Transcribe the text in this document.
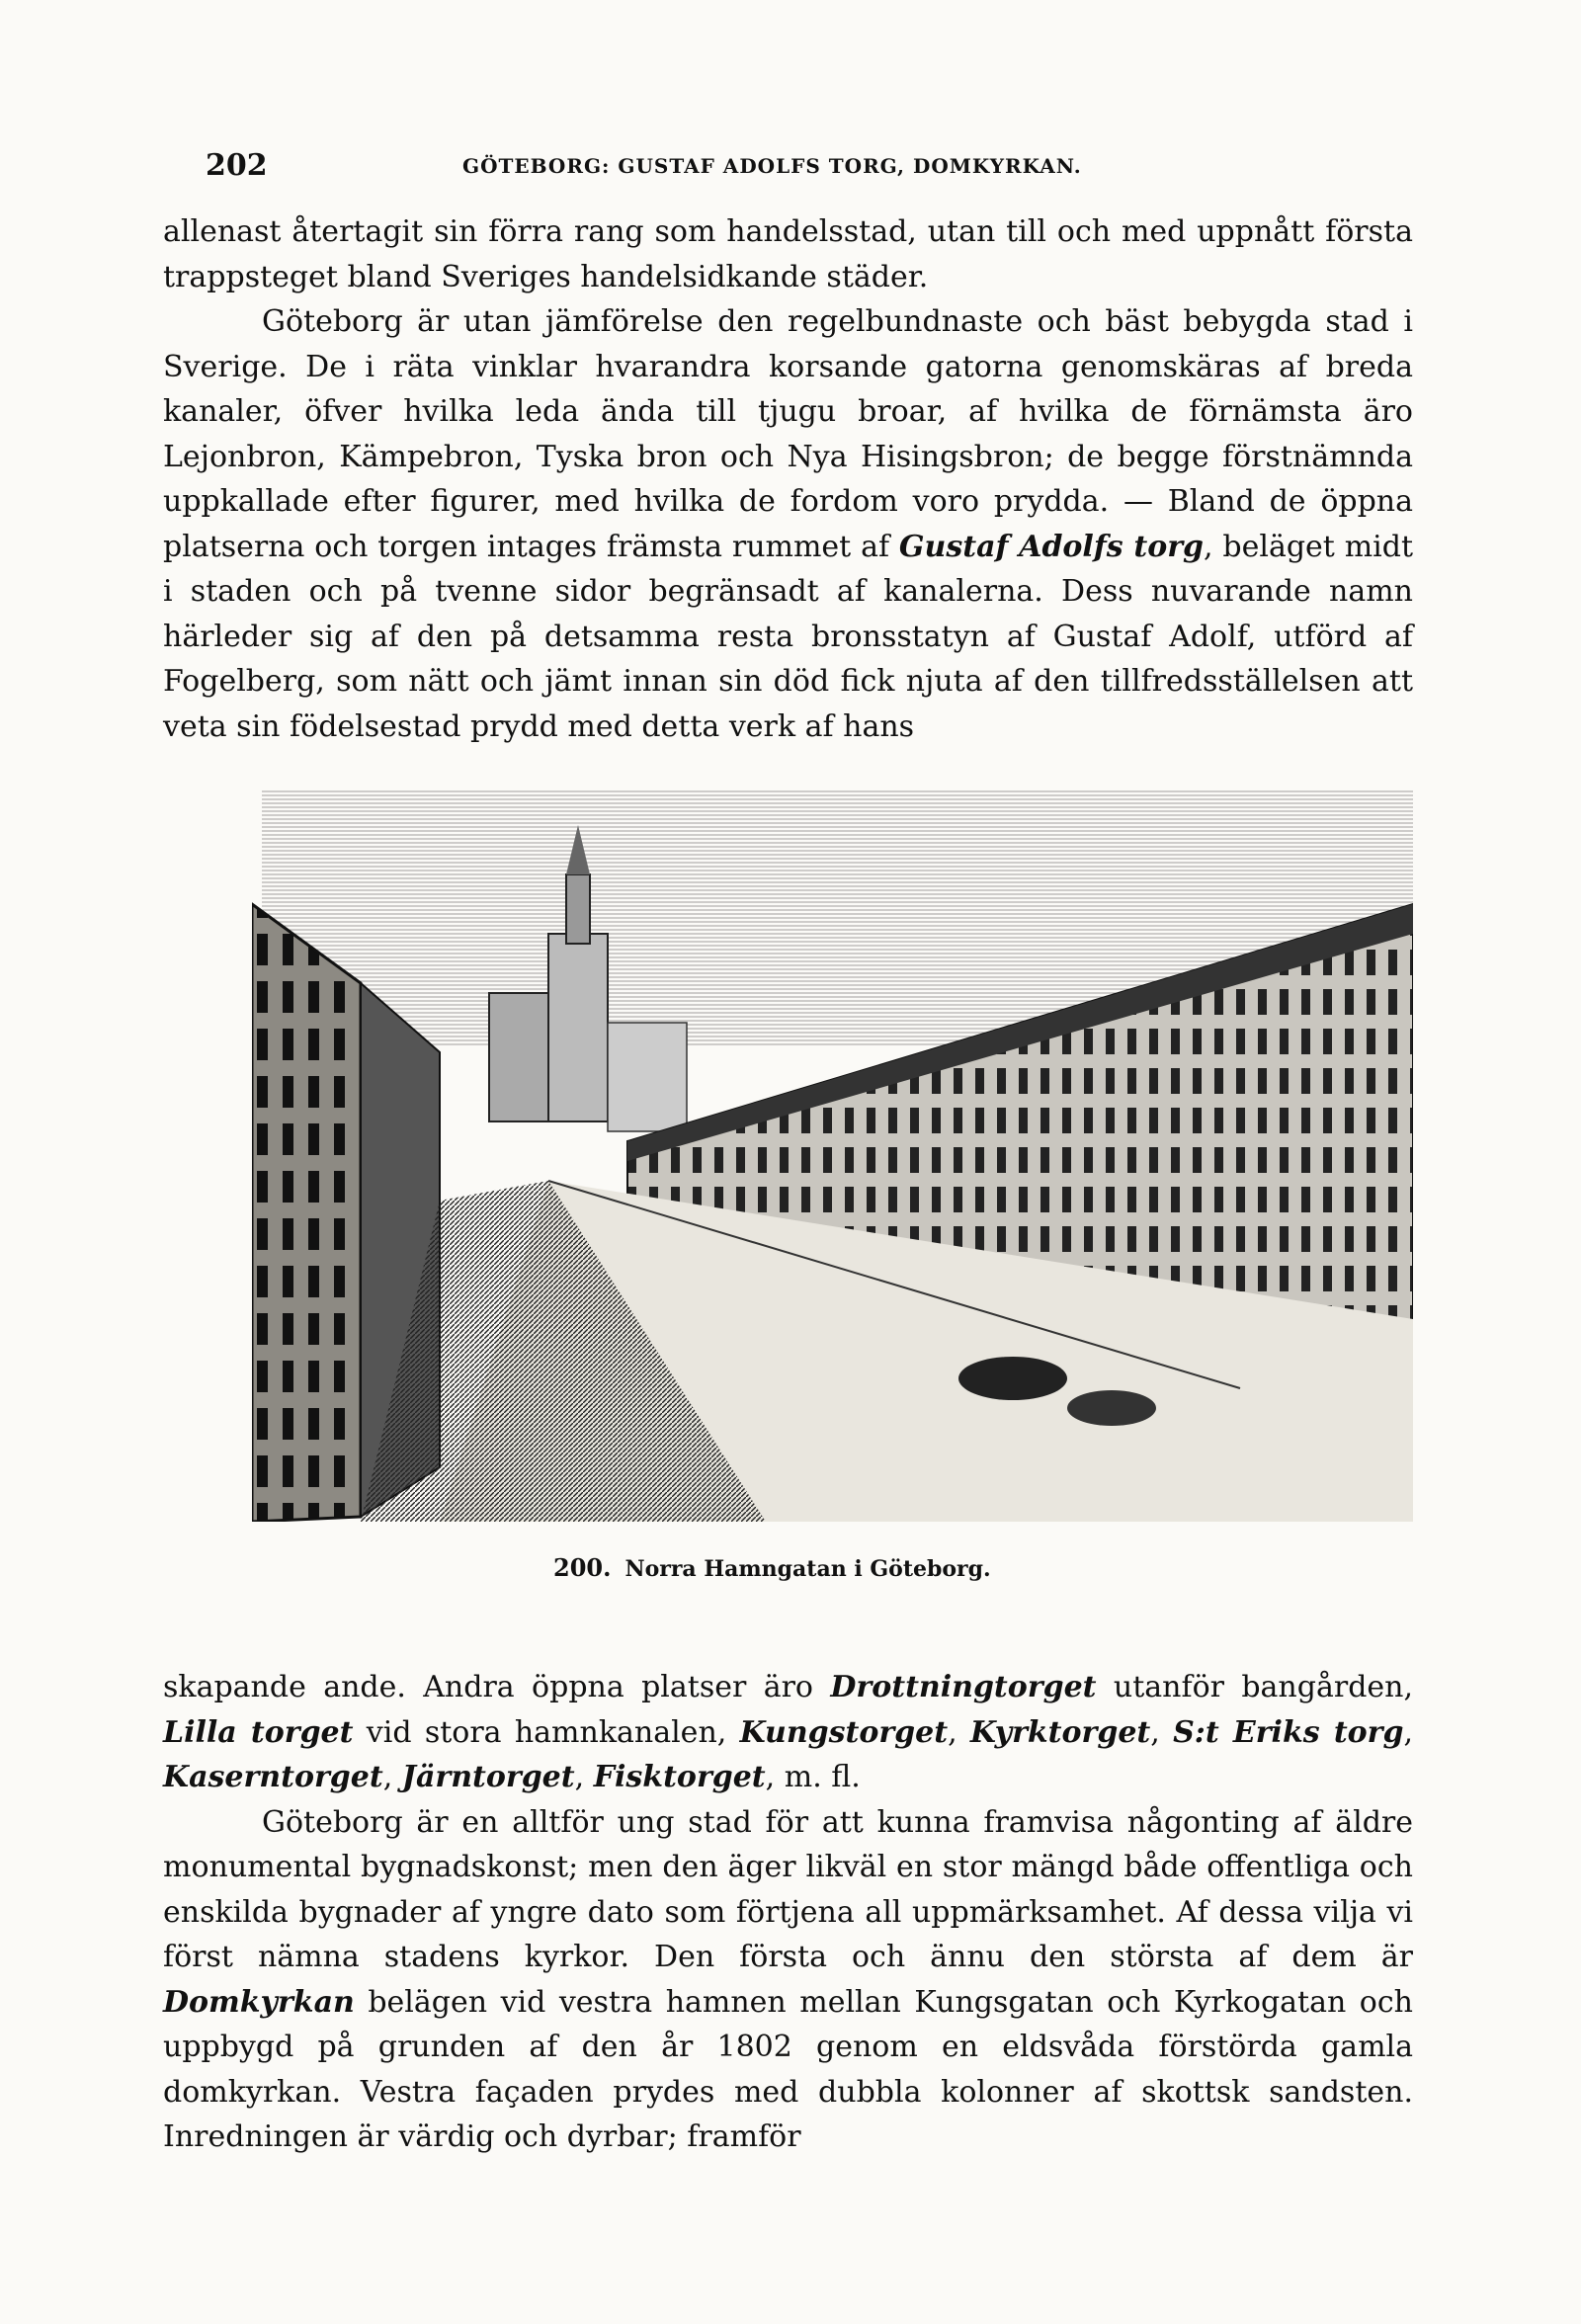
202	GÖTEBORG: GUSTAF ADOLFS TORG, DOMKYRKAN.

allenast återtagit sin förra rang som handelsstad, utan till och med uppnått första trappsteget bland Sveriges handelsidkande städer.

Göteborg är utan jämförelse den regelbundnaste och bäst bebygda stad i Sverige. De i räta vinklar hvarandra korsande gatorna genomskäras af breda kanaler, öfver hvilka leda ända till tjugu broar, af hvilka de förnämsta äro Lejonbron, Kämpebron, Tyska bron och Nya Hisingsbron; de begge förstnämnda uppkallade efter figurer, med hvilka de fordom voro prydda. — Bland de öppna platserna och torgen intages främsta rummet af Gustaf Adolfs torg, beläget midt i staden och på tvenne sidor begränsadt af kanalerna. Dess nuvarande namn härleder sig af den på detsamma resta bronsstatyn af Gustaf Adolf, utförd af Fogelberg, som nätt och jämt innan sin död fick njuta af den tillfredsställelsen att veta sin födelsestad prydd med detta verk af hans

200. Norra Hamngatan i Göteborg.

skapande ande. Andra öppna platser äro Drottningtorget utanför bangården, Lilla torget vid stora hamnkanalen, Kungstorget, Kyrktorget, S:t Eriks torg, Kaserntorget, Järntorget, Fisktorget, m. fl.

Göteborg är en alltför ung stad för att kunna framvisa någonting af äldre monumental bygnadskonst; men den äger likväl en stor mängd både offentliga och enskilda bygnader af yngre dato som förtjena all uppmärksamhet. Af dessa vilja vi först nämna stadens kyrkor. Den första och ännu den största af dem är Domkyrkan belägen vid vestra hamnen mellan Kungsgatan och Kyrkogatan och uppbygd på grunden af den år 1802 genom en eldsvåda förstörda gamla domkyrkan. Vestra façaden prydes med dubbla kolonner af skottsk sandsten. Inredningen är värdig och dyrbar; framför
